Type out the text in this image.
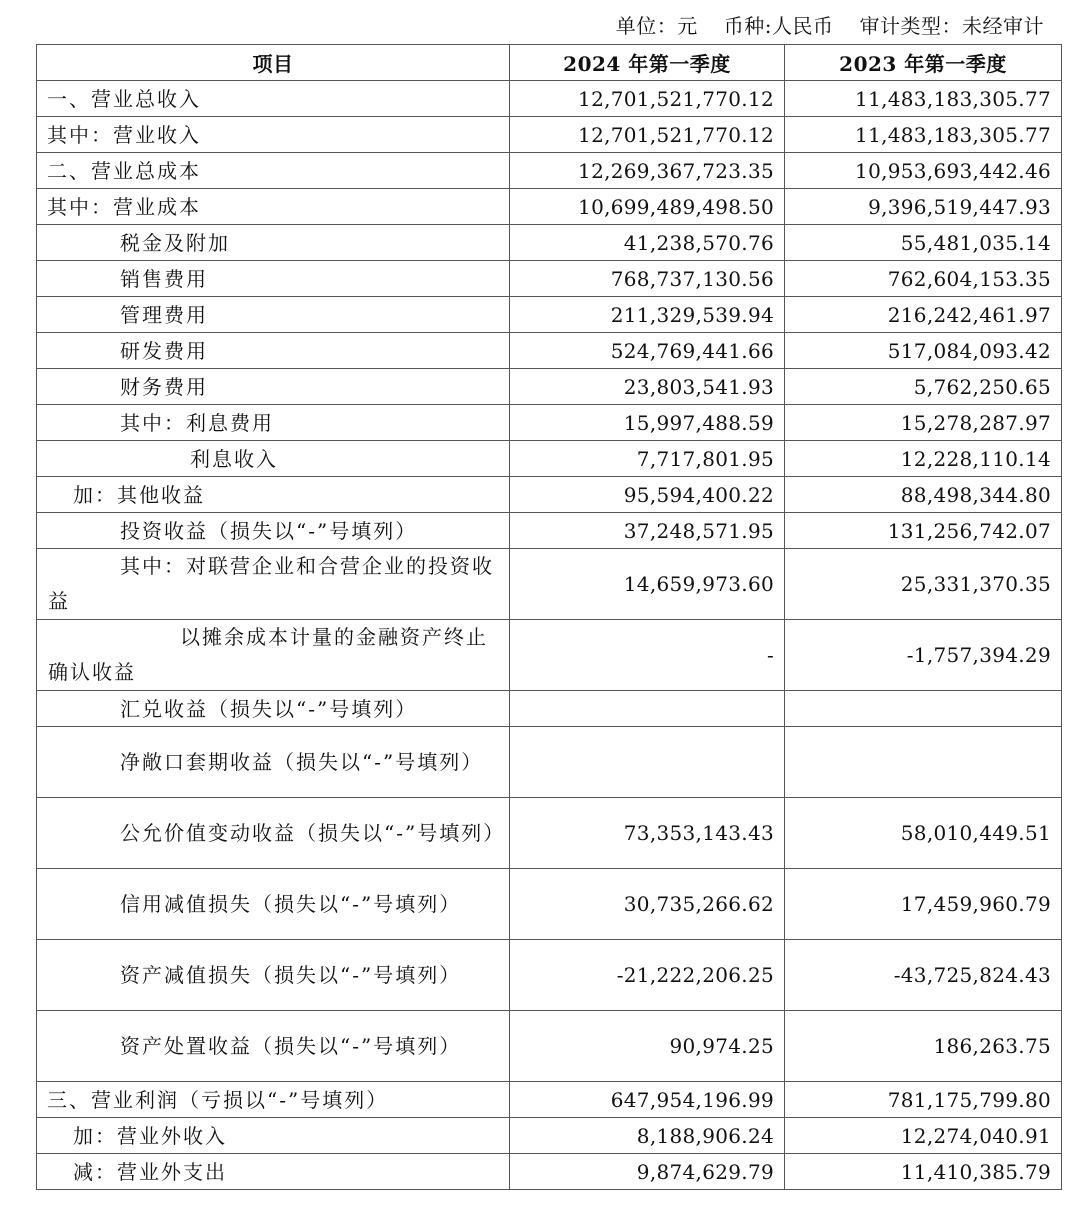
单位：元 币种:人民币 审计类型：未经审计
项目	2024 年第一季度	2023 年第一季度
一、营业总收入	12,701,521,770.12	11,483,183,305.77
其中：营业收入	12,701,521,770.12	11,483,183,305.77
二、营业总成本	12,269,367,723.35	10,953,693,442.46
其中：营业成本	10,699,489,498.50	9,396,519,447.93
税金及附加	41,238,570.76	55,481,035.14
销售费用	768,737,130.56	762,604,153.35
管理费用	211,329,539.94	216,242,461.97
研发费用	524,769,441.66	517,084,093.42
财务费用	23,803,541.93	5,762,250.65
其中：利息费用	15,997,488.59	15,278,287.97
利息收入	7,717,801.95	12,228,110.14
加：其他收益	95,594,400.22	88,498,344.80
投资收益（损失以“-”号填列）	37,248,571.95	131,256,742.07
其中：对联营企业和合营企业的投资收益	14,659,973.60	25,331,370.35
以摊余成本计量的金融资产终止确认收益	-	-1,757,394.29
汇兑收益（损失以“-”号填列）		
净敞口套期收益（损失以“-”号填列）		
公允价值变动收益（损失以“-”号填列）	73,353,143.43	58,010,449.51
信用减值损失（损失以“-”号填列）	30,735,266.62	17,459,960.79
资产减值损失（损失以“-”号填列）	-21,222,206.25	-43,725,824.43
资产处置收益（损失以“-”号填列）	90,974.25	186,263.75
三、营业利润（亏损以“-”号填列）	647,954,196.99	781,175,799.80
加：营业外收入	8,188,906.24	12,274,040.91
减：营业外支出	9,874,629.79	11,410,385.79
